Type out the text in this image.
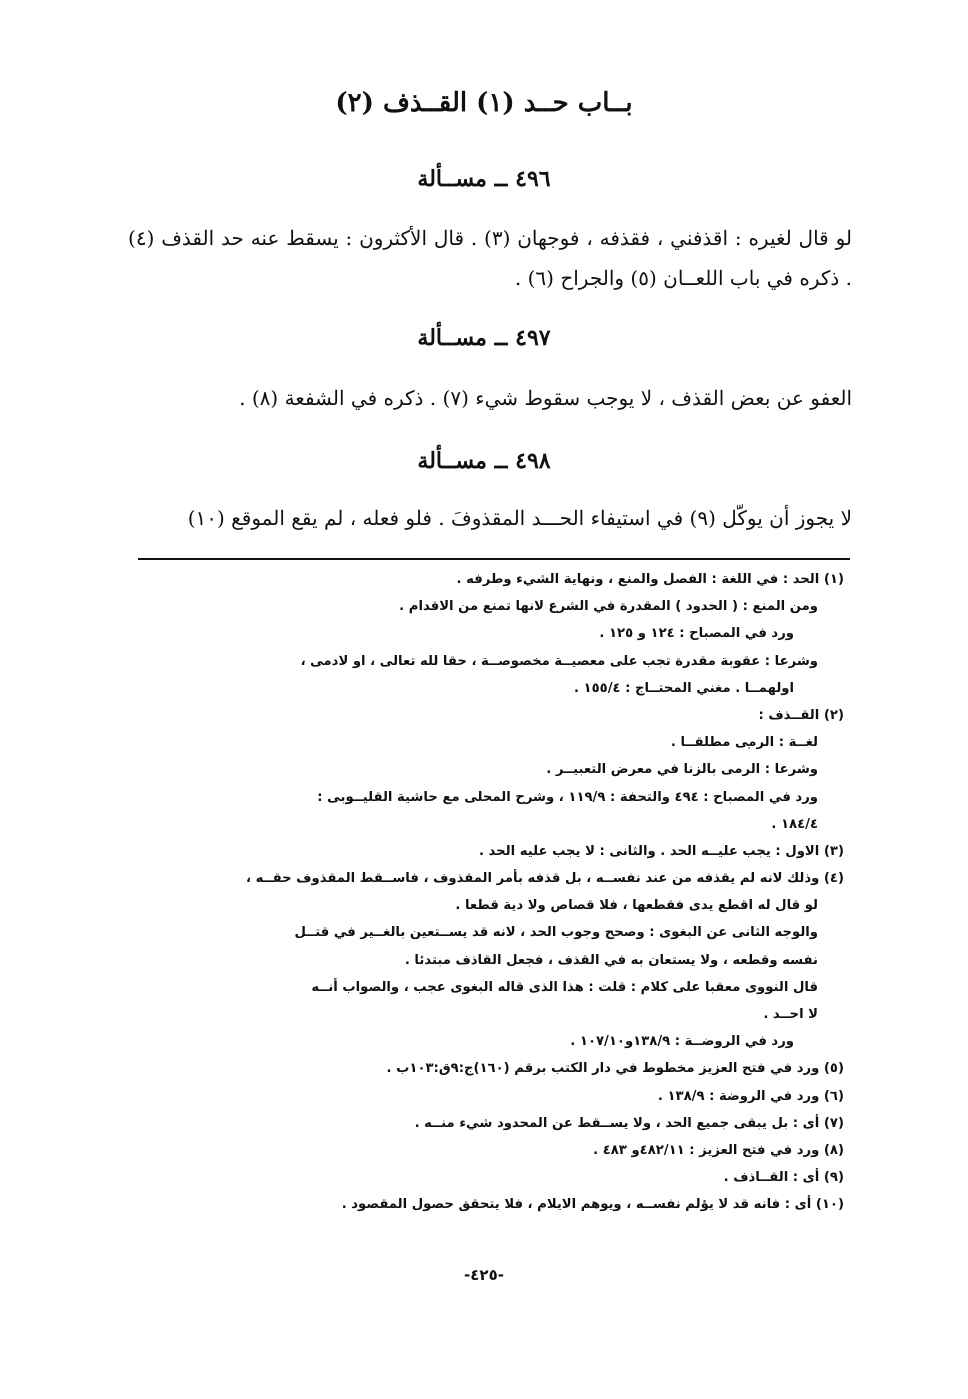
بــاب حــد (١) القــذف (٢)
٤٩٦ ــ مســألة
لو قال لغيره : اقذفني ، فقذفه ، فوجهان (٣) . قال الأكثرون : يسقط عنه حد القذف (٤) . ذكره في باب اللعــان (٥) والجراح (٦) .
٤٩٧ ــ مســألة
العفو عن بعض القذف ، لا يوجب سقوط شيء (٧) . ذكره في الشفعة (٨) .
٤٩٨ ــ مســألة
لا يجوز أن يوكّل (٩) في استيفاء الحـــد المقذوفَ . فلو فعله ، لم يقع الموقع (١٠)
(١) الحد : في اللغة : الفصل والمنع ، ونهاية الشيء وطرفه .
ومن المنع : ( الحدود ) المقدرة في الشرع لانها تمنع من الاقدام .
ورد في المصباح : ١٢٤ و ١٢٥ .
وشرعا : عقوبة مقدرة تجب على معصيــة مخصوصــة ، حقا لله تعالى ، او لادمى ،
اولهمــا . مغني المحتــاج : ١٥٥/٤ .
(٢) القــذف :
لغــة : الرمى مطلقــا .
وشرعا : الرمى بالزنا في معرض التعبيــر .
ورد في المصباح : ٤٩٤ والتحفة : ١١٩/٩ ، وشرح المحلى مع حاشية القليــوبى :
١٨٤/٤ .
(٣) الاول : يجب عليــه الحد . والثانى : لا يجب عليه الحد .
(٤) وذلك لانه لم يقذفه من عند نفســه ، بل قذفه بأمر المقذوف ، فاســقط المقذوف حقــه ،
لو قال له اقطع يدى فقطعها ، فلا قصاص ولا دية قطعا .
والوجه الثانى عن البغوى : وصحح وجوب الحد ، لانه قد يســتعين بالغــير في قتــل
نفسه وقطعه ، ولا يستعان به في القذف ، فجعل القاذف مبتدئا .
قال النووى معقبا على كلام : قلت : هذا الذى قاله البغوى عجب ، والصواب أنــه
لا احــد .
ورد في الروضــة : ١٣٨/٩و١٠٧/١٠ .
(٥) ورد في فتح العزيز مخطوط في دار الكتب برقم (١٦٠)ج:٩ق:١٠٣ب .
(٦) ورد في الروضة : ١٣٨/٩ .
(٧) أى : بل يبقى جميع الحد ، ولا يســقط عن المحدود شيء منــه .
(٨) ورد في فتح العزيز : ٤٨٢/١١و ٤٨٣ .
(٩) أى : القــاذف .
(١٠) أى : فانه قد لا يؤلم نفســه ، ويوهم الايلام ، فلا يتحقق حصول المقصود .
-٤٢٥-
